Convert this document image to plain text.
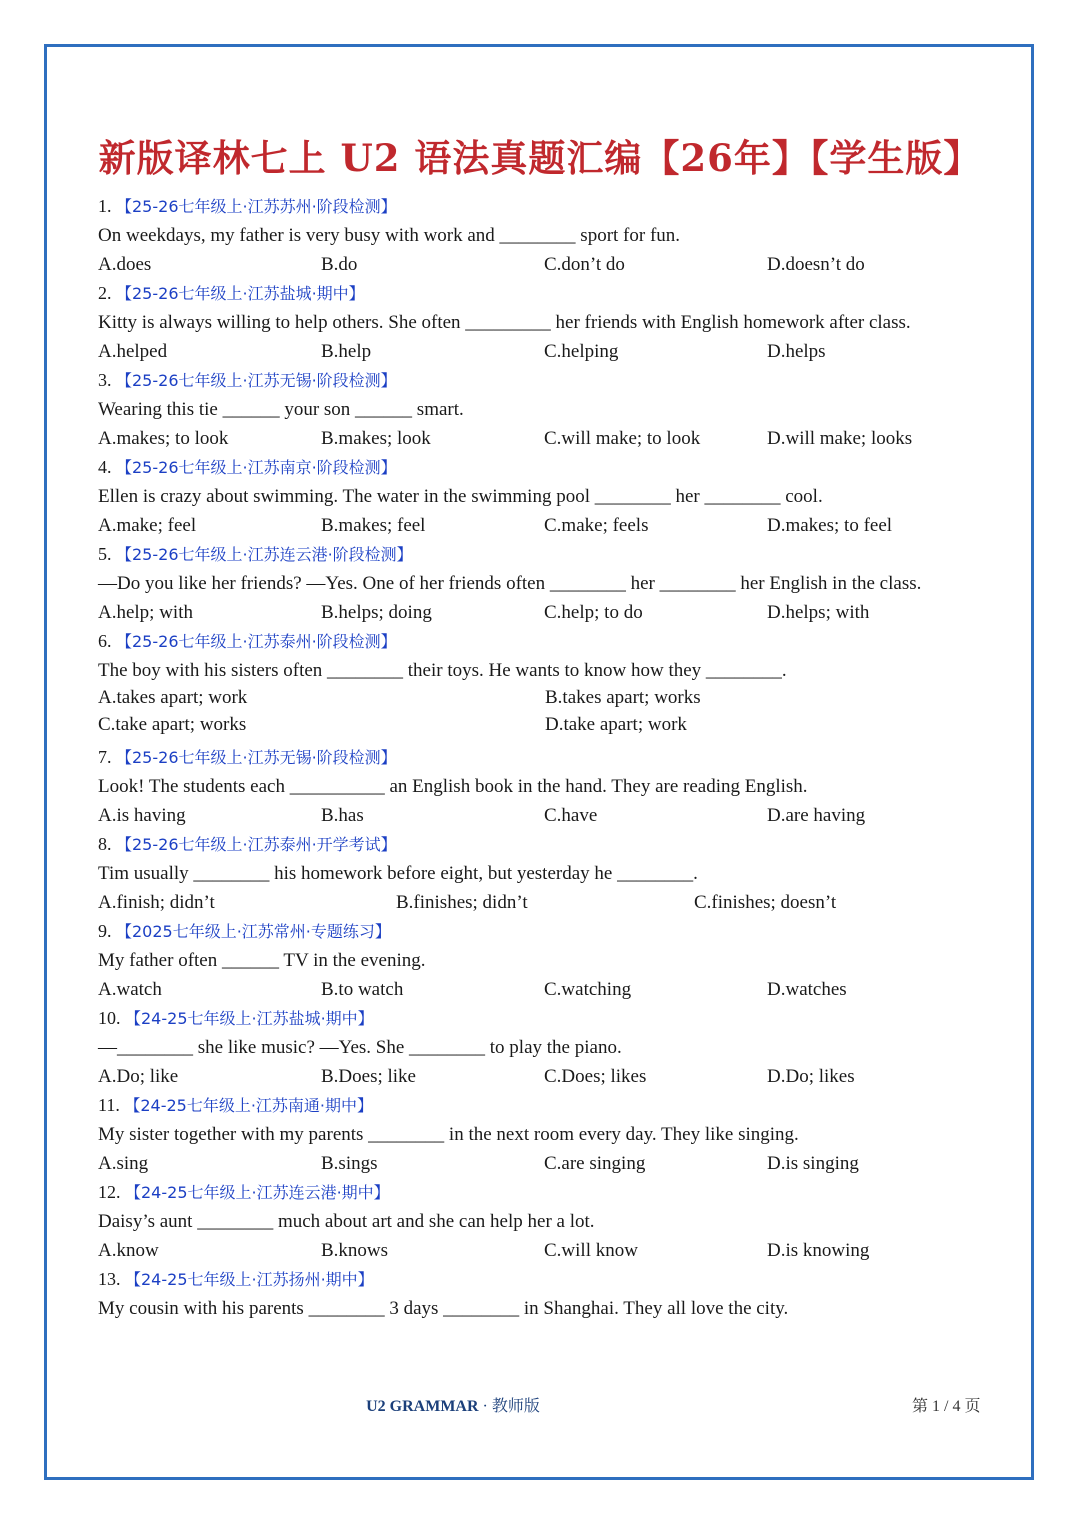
新版译林七上 U2 语法真题汇编【26年】【学生版】
1. 【25-26七年级上·江苏苏州·阶段检测】
On weekdays, my father is very busy with work and ________ sport for fun.
A.does	B.do	C.don’t do	D.doesn’t do
2. 【25-26七年级上·江苏盐城·期中】
Kitty is always willing to help others. She often _________ her friends with English homework after class.
A.helped	B.help	C.helping	D.helps
3. 【25-26七年级上·江苏无锡·阶段检测】
Wearing this tie ______ your son ______ smart.
A.makes; to look	B.makes; look	C.will make; to look	D.will make; looks
4. 【25-26七年级上·江苏南京·阶段检测】
Ellen is crazy about swimming. The water in the swimming pool ________ her ________ cool.
A.make; feel	B.makes; feel	C.make; feels	D.makes; to feel
5. 【25-26七年级上·江苏连云港·阶段检测】
—Do you like her friends? —Yes. One of her friends often ________ her ________ her English in the class.
A.help; with	B.helps; doing	C.help; to do	D.helps; with
6. 【25-26七年级上·江苏泰州·阶段检测】
The boy with his sisters often ________ their toys. He wants to know how they ________.
A.takes apart; work	B.takes apart; works
C.take apart; works	D.take apart; work
7. 【25-26七年级上·江苏无锡·阶段检测】
Look! The students each __________ an English book in the hand. They are reading English.
A.is having	B.has	C.have	D.are having
8. 【25-26七年级上·江苏泰州·开学考试】
Tim usually ________ his homework before eight, but yesterday he ________.
A.finish; didn’t	B.finishes; didn’t	C.finishes; doesn’t
9. 【2025七年级上·江苏常州·专题练习】
My father often ______ TV in the evening.
A.watch	B.to watch	C.watching	D.watches
10. 【24-25七年级上·江苏盐城·期中】
—________ she like music? —Yes. She ________ to play the piano.
A.Do; like	B.Does; like	C.Does; likes	D.Do; likes
11. 【24-25七年级上·江苏南通·期中】
My sister together with my parents ________ in the next room every day. They like singing.
A.sing	B.sings	C.are singing	D.is singing
12. 【24-25七年级上·江苏连云港·期中】
Daisy’s aunt ________ much about art and she can help her a lot.
A.know	B.knows	C.will know	D.is knowing
13. 【24-25七年级上·江苏扬州·期中】
My cousin with his parents ________ 3 days ________ in Shanghai. They all love the city.
U2 GRAMMAR · 教师版	第 1 / 4 页
